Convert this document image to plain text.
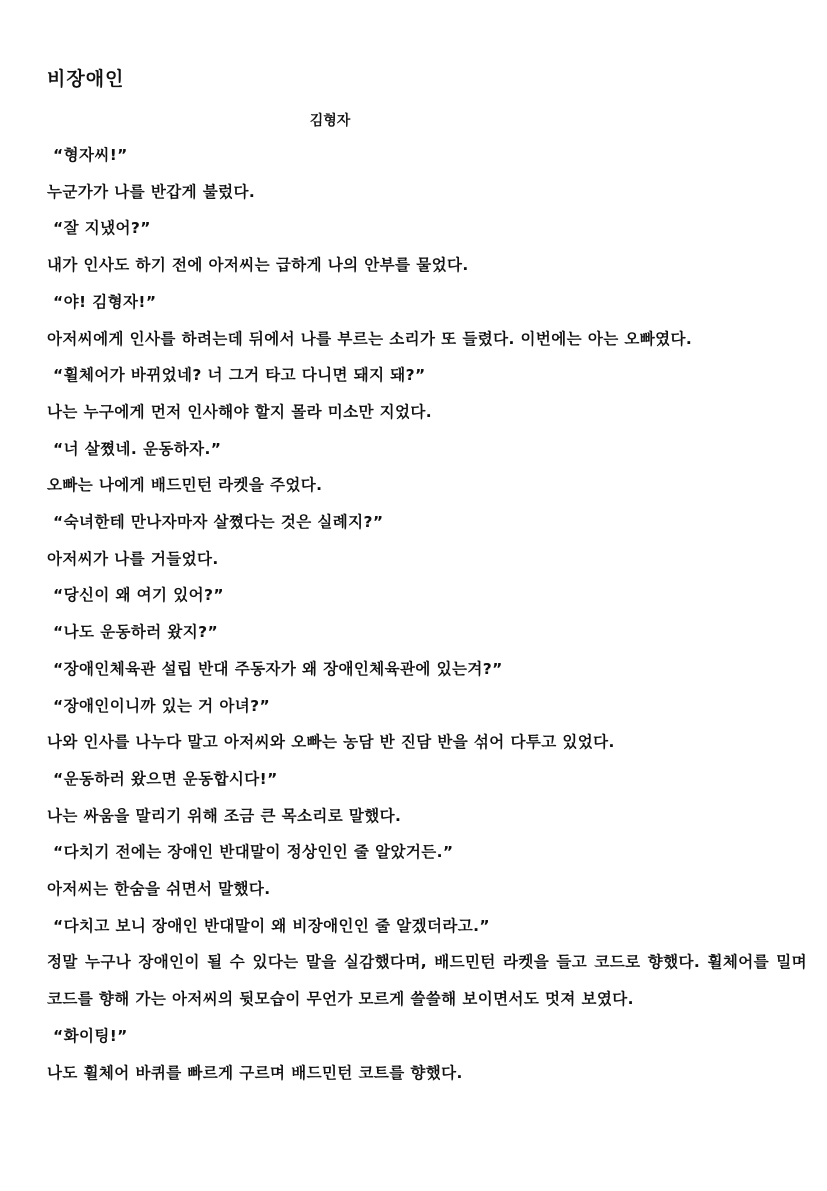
비장애인
김형자

“형자씨!”

누군가가 나를 반갑게 불렀다.

“잘 지냈어?”

내가 인사도 하기 전에 아저씨는 급하게 나의 안부를 물었다.

“야! 김형자!”

아저씨에게 인사를 하려는데 뒤에서 나를 부르는 소리가 또 들렸다. 이번에는 아는 오빠였다.

“휠체어가 바뀌었네? 너 그거 타고 다니면 돼지 돼?”

나는 누구에게 먼저 인사해야 할지 몰라 미소만 지었다.

“너 살쪘네. 운동하자.”

오빠는 나에게 배드민턴 라켓을 주었다.

“숙녀한테 만나자마자 살쪘다는 것은 실례지?”

아저씨가 나를 거들었다.

“당신이 왜 여기 있어?”

“나도 운동하러 왔지?”

“장애인체육관 설립 반대 주동자가 왜 장애인체육관에 있는겨?”

“장애인이니까 있는 거 아녀?”

나와 인사를 나누다 말고 아저씨와 오빠는 농담 반 진담 반을 섞어 다투고 있었다.

“운동하러 왔으면 운동합시다!”

나는 싸움을 말리기 위해 조금 큰 목소리로 말했다.

“다치기 전에는 장애인 반대말이 정상인인 줄 알았거든.”

아저씨는 한숨을 쉬면서 말했다.

“다치고 보니 장애인 반대말이 왜 비장애인인 줄 알겠더라고.”

정말 누구나 장애인이 될 수 있다는 말을 실감했다며, 배드민턴 라켓을 들고 코드로 향했다. 휠체어를 밀며 코드를 향해 가는 아저씨의 뒷모습이 무언가 모르게 쓸쓸해 보이면서도 멋져 보였다.

“화이팅!”

나도 휠체어 바퀴를 빠르게 구르며 배드민턴 코트를 향했다.
